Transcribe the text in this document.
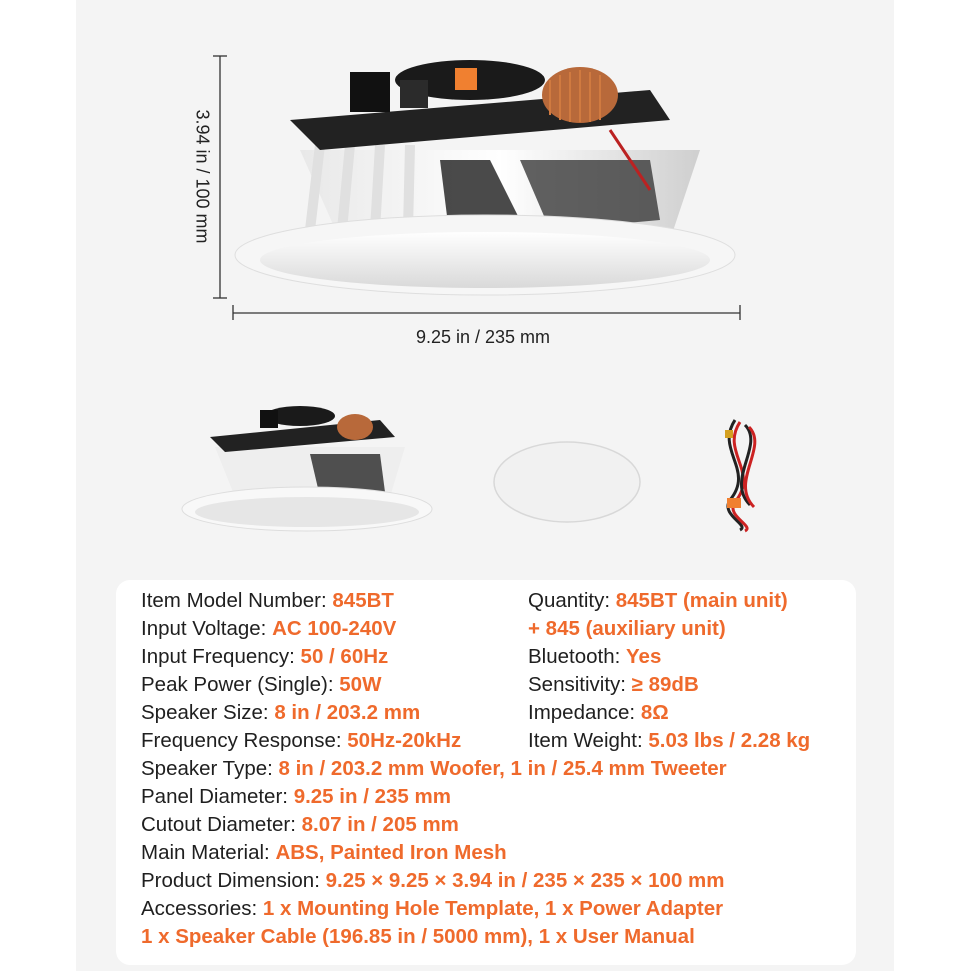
3.94 in / 100 mm
9.25 in / 235 mm
Item Model Number: 845BT
Input Voltage: AC 100-240V
Input Frequency: 50 / 60Hz
Peak Power (Single): 50W
Speaker Size: 8 in / 203.2 mm
Frequency Response: 50Hz-20kHz
Quantity: 845BT (main unit)
+ 845 (auxiliary unit)
Bluetooth: Yes
Sensitivity: ≥ 89dB
Impedance: 8Ω
Item Weight: 5.03 lbs / 2.28 kg
Speaker Type: 8 in / 203.2 mm Woofer, 1 in / 25.4 mm Tweeter
Panel Diameter: 9.25 in / 235 mm
Cutout Diameter: 8.07 in / 205 mm
Main Material: ABS, Painted Iron Mesh
Product Dimension: 9.25 × 9.25 × 3.94 in / 235 × 235 × 100 mm
Accessories: 1 x Mounting Hole Template, 1 x Power Adapter
1 x Speaker Cable (196.85 in / 5000 mm), 1 x User Manual
